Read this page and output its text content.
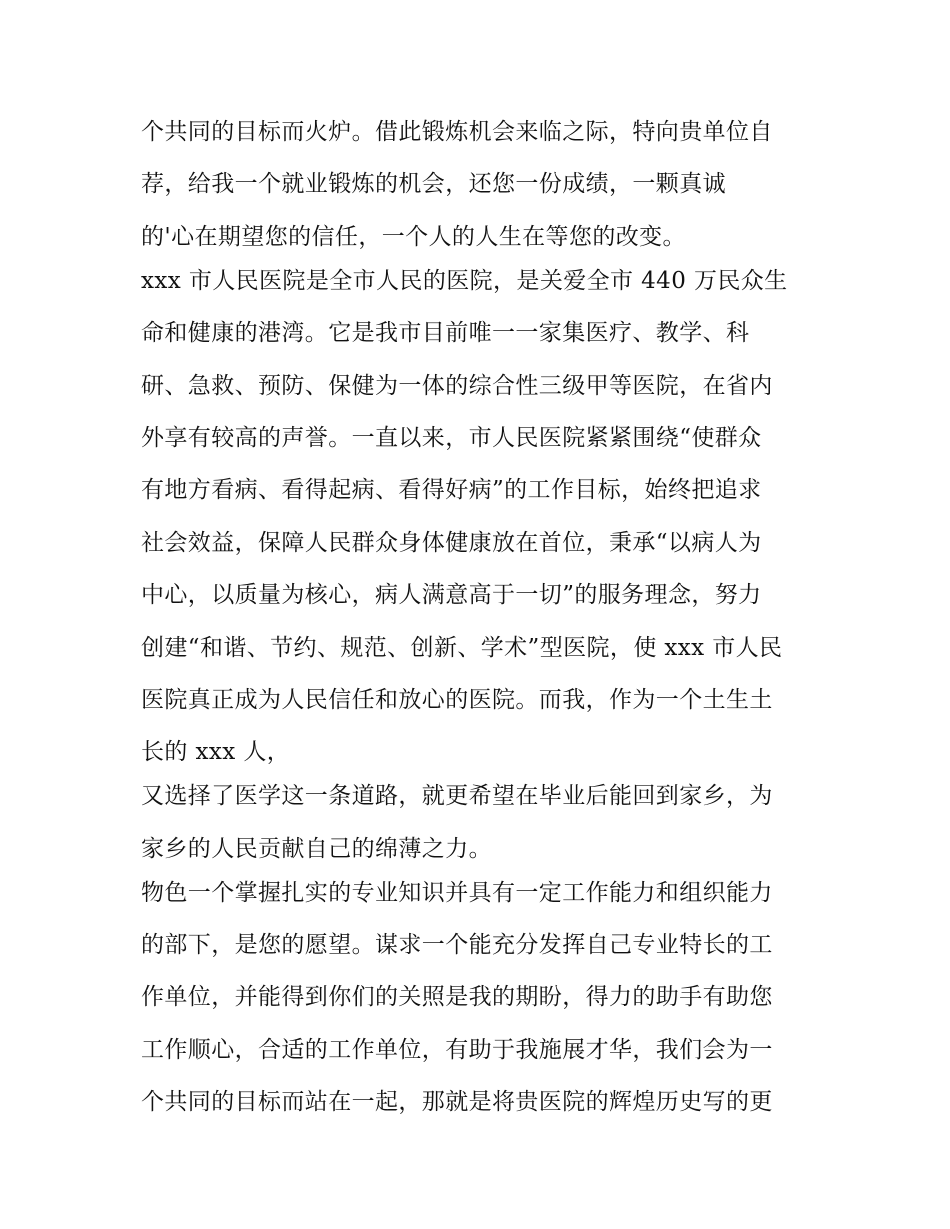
个共同的目标而火炉。借此锻炼机会来临之际，特向贵单位自
荐，给我一个就业锻炼的机会，还您一份成绩，一颗真诚
的'心在期望您的信任，一个人的人生在等您的改变。
xxx 市人民医院是全市人民的医院，是关爱全市 440 万民众生
命和健康的港湾。它是我市目前唯一一家集医疗、教学、科
研、急救、预防、保健为一体的综合性三级甲等医院，在省内
外享有较高的声誉。一直以来，市人民医院紧紧围绕“使群众
有地方看病、看得起病、看得好病”的工作目标，始终把追求
社会效益，保障人民群众身体健康放在首位，秉承“以病人为
中心，以质量为核心，病人满意高于一切”的服务理念，努力
创建“和谐、节约、规范、创新、学术”型医院，使 xxx 市人民
医院真正成为人民信任和放心的医院。而我，作为一个土生土
长的 xxx 人，
又选择了医学这一条道路，就更希望在毕业后能回到家乡，为
家乡的人民贡献自己的绵薄之力。
物色一个掌握扎实的专业知识并具有一定工作能力和组织能力
的部下，是您的愿望。谋求一个能充分发挥自己专业特长的工
作单位，并能得到你们的关照是我的期盼，得力的助手有助您
工作顺心，合适的工作单位，有助于我施展才华，我们会为一
个共同的目标而站在一起，那就是将贵医院的辉煌历史写的更
